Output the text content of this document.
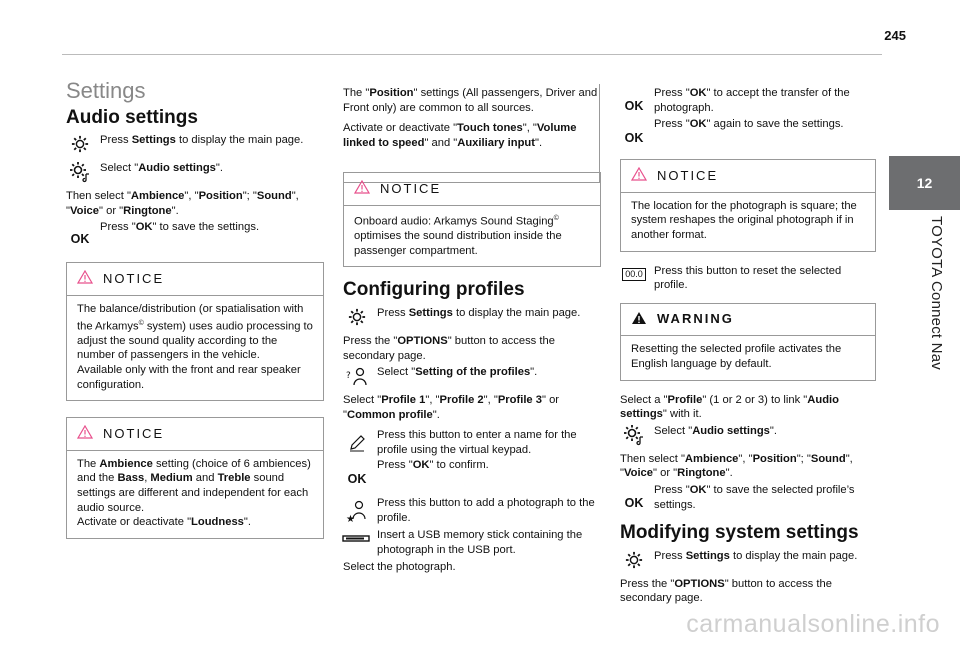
245
12
TOYOTA Connect Nav
Settings
Audio settings
Press Settings to display the main page.
Select "Audio settings".
Then select "Ambience", "Position"; "Sound", "Voice" or "Ringtone".
OK
Press "OK" to save the settings.
NOTICE
The balance/distribution (or spatialisation with the Arkamys© system) uses audio processing to adjust the sound quality according to the number of passengers in the vehicle.
Available only with the front and rear speaker configuration.
NOTICE
The Ambience setting (choice of 6 ambiences) and the Bass, Medium and Treble sound settings are different and independent for each audio source.
Activate or deactivate "Loudness".
The "Position" settings (All passengers, Driver and Front only) are common to all sources.
Activate or deactivate "Touch tones", "Volume linked to speed" and "Auxiliary input".
NOTICE
Onboard audio: Arkamys Sound Staging© optimises the sound distribution inside the passenger compartment.
Configuring profiles
Press Settings to display the main page.
Press the "OPTIONS" button to access the secondary page.
? Select "Setting of the profiles".
Select "Profile 1", "Profile 2", "Profile 3" or "Common profile".
Press this button to enter a name for the profile using the virtual keypad.
OK
Press "OK" to confirm.
★
Press this button to add a photograph to the profile.
Insert a USB memory stick containing the photograph in the USB port.
Select the photograph.
OK
Press "OK" to accept the transfer of the photograph.
OK
Press "OK" again to save the settings.
NOTICE
The location for the photograph is square; the system reshapes the original photograph if in another format.
00.0 Press this button to reset the selected profile.
WARNING
Resetting the selected profile activates the English language by default.
Select a "Profile" (1 or 2 or 3) to link "Audio settings" with it.
Select "Audio settings".
Then select "Ambience", "Position"; "Sound", "Voice" or "Ringtone".
OK
Press "OK" to save the selected profile’s settings.
Modifying system settings
Press Settings to display the main page.
Press the "OPTIONS" button to access the secondary page.
carmanualsonline.info
